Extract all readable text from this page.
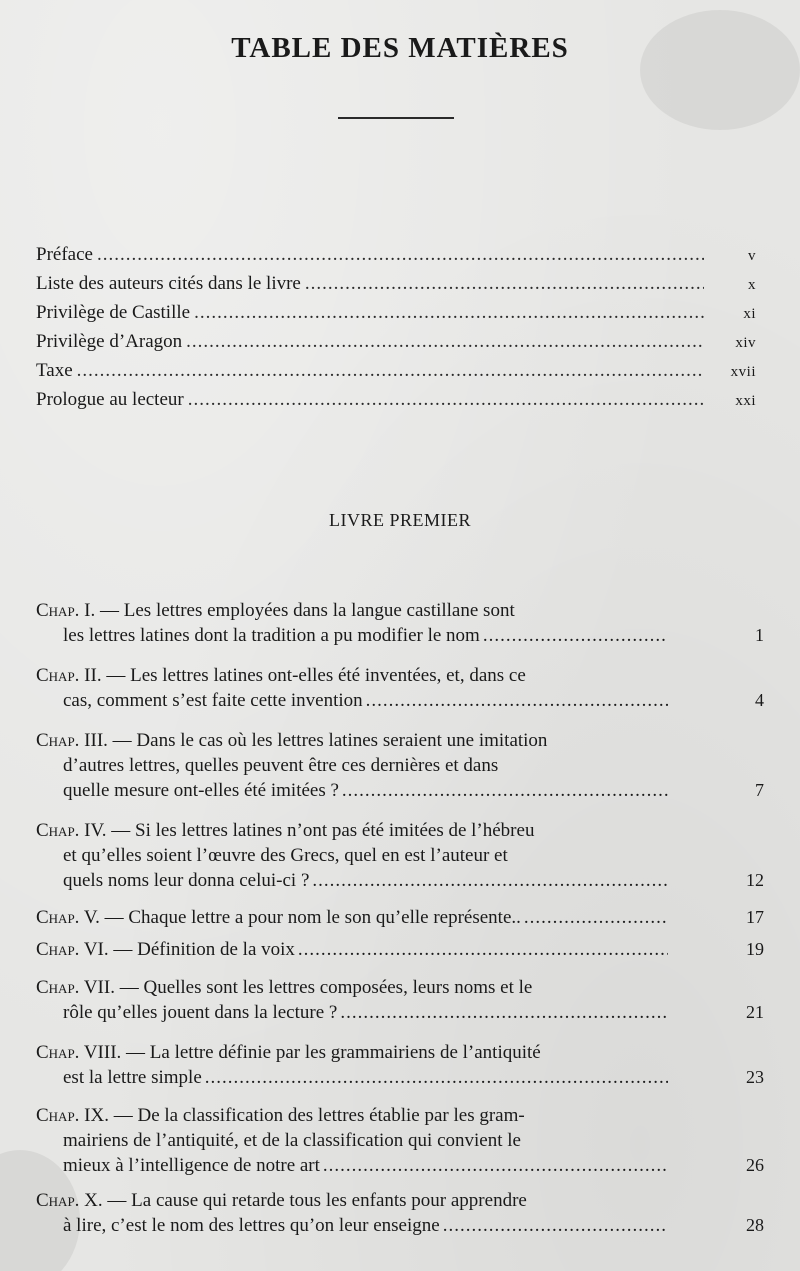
TABLE DES MATIÈRES
Préface .....	v
Liste des auteurs cités dans le livre .....	x
Privilège de Castille .....	xi
Privilège d’Aragon .....	xiv
Taxe .....	xvii
Prologue au lecteur .....	xxi
LIVRE PREMIER
Chap. I. — Les lettres employées dans la langue castillane sont
les lettres latines dont la tradition a pu modifier le nom .....	1
Chap. II. — Les lettres latines ont-elles été inventées, et, dans ce
cas, comment s’est faite cette invention .....	4
Chap. III. — Dans le cas où les lettres latines seraient une imitation
d’autres lettres, quelles peuvent être ces dernières et dans
quelle mesure ont-elles été imitées ? .....	7
Chap. IV. — Si les lettres latines n’ont pas été imitées de l’hébreu
et qu’elles soient l’œuvre des Grecs, quel en est l’auteur et
quels noms leur donna celui-ci ? .....	12
Chap. V. — Chaque lettre a pour nom le son qu’elle représente.. .....	17
Chap. VI. — Définition de la voix .....	19
Chap. VII. — Quelles sont les lettres composées, leurs noms et le
rôle qu’elles jouent dans la lecture ? .....	21
Chap. VIII. — La lettre définie par les grammairiens de l’antiquité
est la lettre simple .....	23
Chap. IX. — De la classification des lettres établie par les gram-
mairiens de l’antiquité, et de la classification qui convient le
mieux à l’intelligence de notre art .....	26
Chap. X. — La cause qui retarde tous les enfants pour apprendre
à lire, c’est le nom des lettres qu’on leur enseigne .....	28
